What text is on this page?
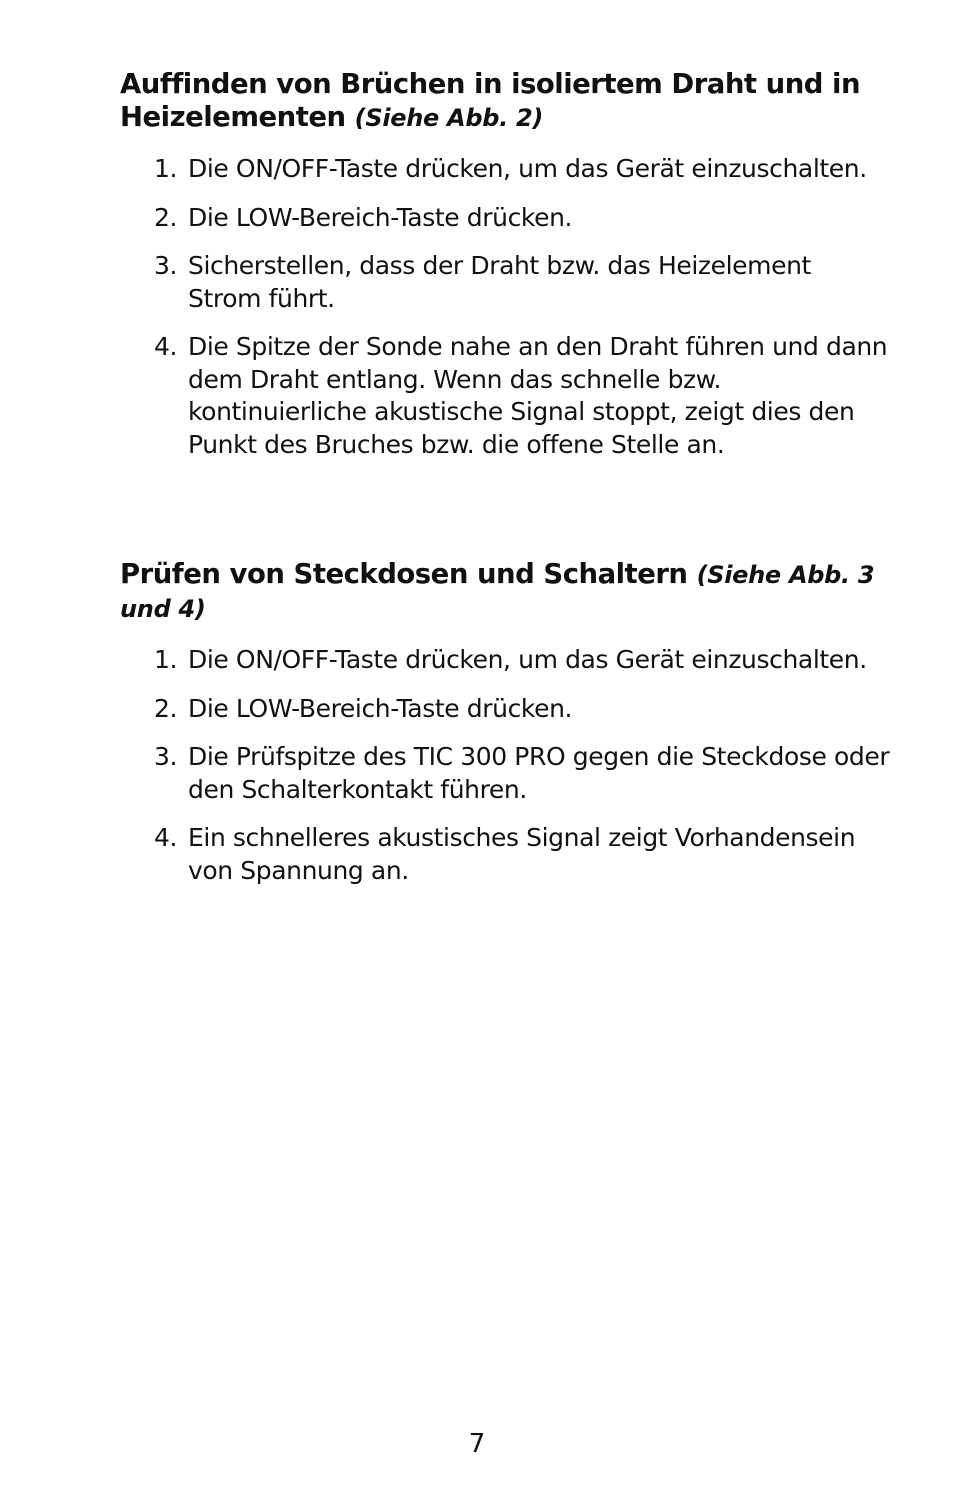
Auffinden von Brüchen in isoliertem Draht und in Heizelementen (Siehe Abb. 2)
1. Die ON/OFF-Taste drücken, um das Gerät einzuschalten.
2. Die LOW-Bereich-Taste drücken.
3. Sicherstellen, dass der Draht bzw. das Heizelement Strom führt.
4. Die Spitze der Sonde nahe an den Draht führen und dann dem Draht entlang. Wenn das schnelle bzw. kontinuierliche akustische Signal stoppt, zeigt dies den Punkt des Bruches bzw. die offene Stelle an.
Prüfen von Steckdosen und Schaltern (Siehe Abb. 3 und 4)
1. Die ON/OFF-Taste drücken, um das Gerät einzuschalten.
2. Die LOW-Bereich-Taste drücken.
3. Die Prüfspitze des TIC 300 PRO gegen die Steckdose oder den Schalterkontakt führen.
4. Ein schnelleres akustisches Signal zeigt Vorhandensein von Spannung an.
7
